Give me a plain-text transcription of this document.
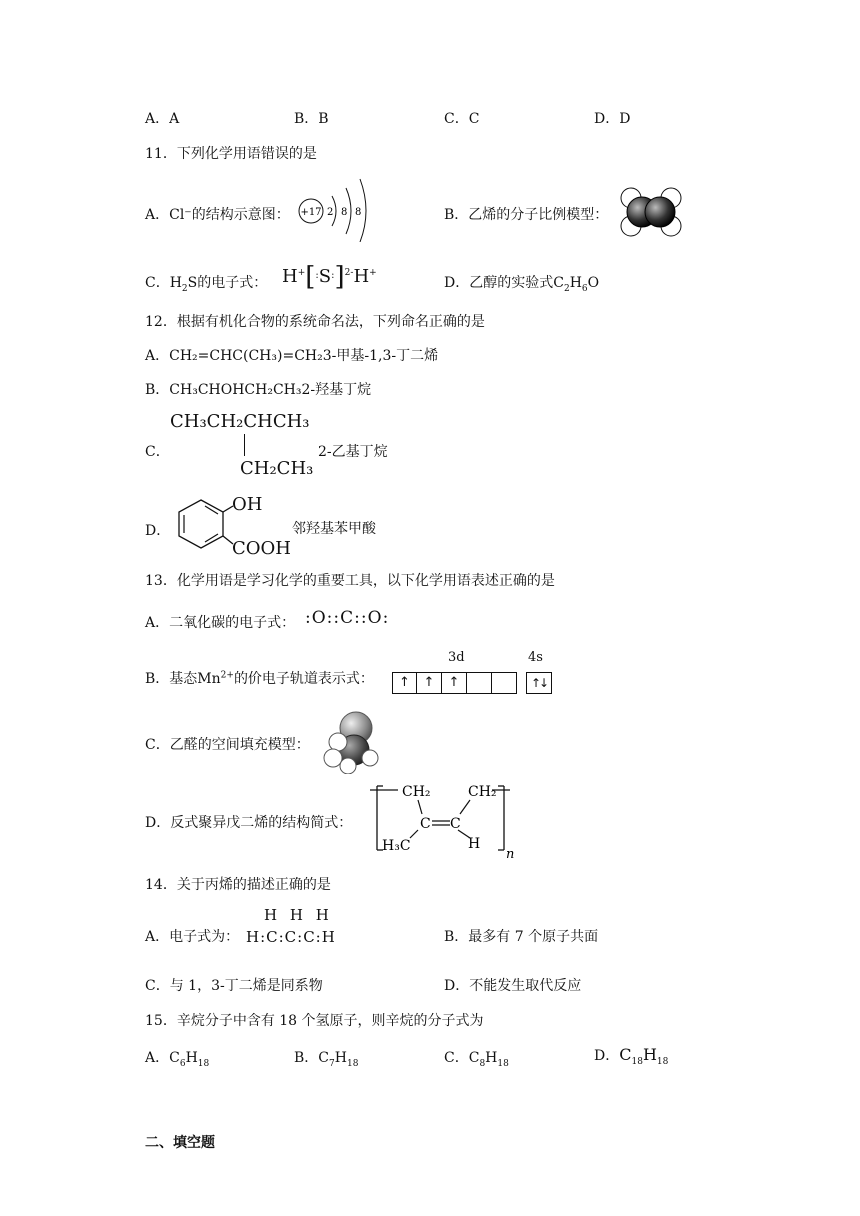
A．A	B．B	C．C	D．D
11．下列化学用语错误的是
A．Cl⁻的结构示意图： +17 2 8 8	B．乙烯的分子比例模型：
C．$H_2S$的电子式： $H^+[^:S^:]^{2-}H^+$
D．乙醇的实验式$C_2H_6O$
12．根据有机化合物的系统命名法，下列命名正确的是
A．CH₂=CHC(CH₃)=CH₂3-甲基-1,3-丁二烯
B．CH₃CHOHCH₂CH₃2-羟基丁烷
C．
CH₃CH₂CHCH₃
CH₂CH₃
2-乙基丁烷
D．
OH
COOH
邻羟基苯甲酸
13．化学用语是学习化学的重要工具，以下化学用语表述正确的是
A．二氧化碳的电子式： :O::C::O:
B．基态$Mn^{2+}$的价电子轨道表示式：
3d	4s
↑	↑	↑	↑↓
C．乙醛的空间填充模型：
D．反式聚异戊二烯的结构简式：
CH₂	CH₂
C C
H₃C	H
n
14．关于丙烯的描述正确的是
A．电子式为：
H H H
H:C:C:C:H	B．最多有 7 个原子共面
C．与 1，3-丁二烯是同系物	D．不能发生取代反应
15．辛烷分子中含有 18 个氢原子，则辛烷的分子式为
A．$C_6H_{18}$	B．$C_7H_{18}$	C．$C_8H_{18}$	D．$C_{18}H_{18}$
二、填空题
